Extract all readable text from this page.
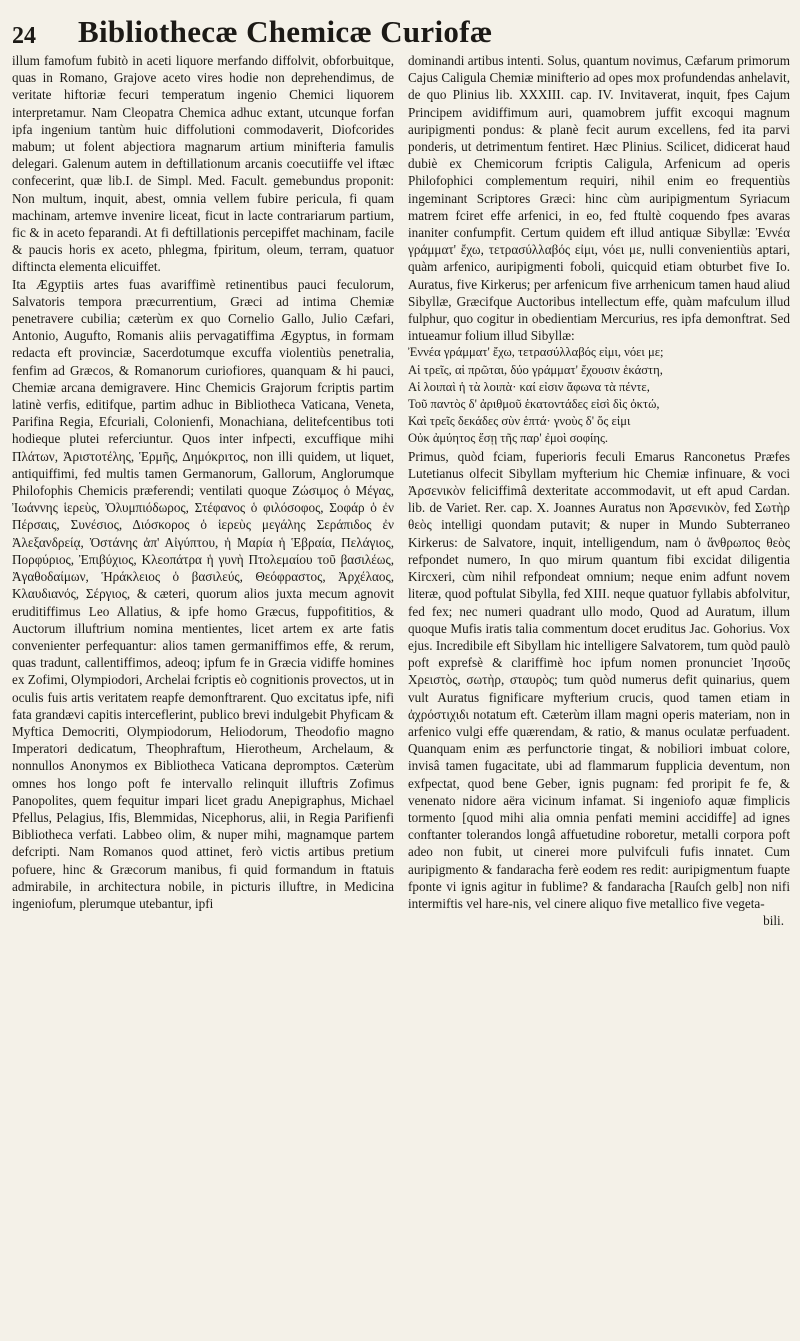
24	Bibliothecæ Chemicæ Curiofæ

illum famofum fubitò in aceti liquore merfando diffolvit, obforbuitque, quas in Romano, Grajove aceto vires hodie non deprehendimus, de veritate hiftoriæ fecuri temperatum ingenio Chemici liquorem interpretamur. Nam Cleopatra Chemica adhuc extant, utcunque forfan ipfa ingenium tantùm huic diffolutioni commodaverit, Diofcorides mabum; ut folent abjectiora magnarum artium minifteria famulis delegari. Galenum autem in deftillationum arcanis coecutiiffe vel iftæc confecerint, quæ lib.I. de Simpl. Med. Facult. gemebundus proponit: Non multum, inquit, abest, omnia vellem fubire pericula, fi quam machinam, artemve invenire liceat, ficut in lacte contrariarum partium, fic & in aceto feparandi. At fi deftillationis percepiffet machinam, facile & paucis horis ex aceto, phlegma, fpiritum, oleum, terram, quatuor diftincta elementa elicuiffet.

Ita Ægyptiis artes fuas avariffimè retinentibus pauci feculorum, Salvatoris tempora præcurrentium, Græci ad intima Chemiæ penetravere cubilia; cæterùm ex quo Cornelio Gallo, Julio Cæfari, Antonio, Augufto, Romanis aliis pervagatiffima Ægyptus, in formam redacta eft provinciæ, Sacerdotumque excuffa violentiùs penetralia, fenfim ad Græcos, & Romanorum curiofiores, quanquam & hi pauci, Chemiæ arcana demigravere. Hinc Chemicis Grajorum fcriptis partim latinè verfis, editifque, partim adhuc in Bibliotheca Vaticana, Veneta, Parifina Regia, Efcuriali, Colonienfi, Monachiana, delitefcentibus toti hodieque plutei referciuntur. Quos inter infpecti, excuffique mihi Πλάτων, Ἀριστοτέλης, Ἑρμῆς, Δημόκριτος, non illi quidem, ut liquet, antiquiffimi, fed multis tamen Germanorum, Gallorum, Anglorumque Philofophis Chemicis præferendi; ventilati quoque Ζώσιμος ὁ Μέγας, Ἰωάννης ἱερεὺς, Ὀλυμπιόδωρος, Στέφανος ὁ φιλόσοφος, Σοφάρ ὁ ἐν Πέρσαις, Συνέσιος, Διόσκορος ὁ ἱερεὺς μεγάλης Σεράπιδος ἐν Ἀλεξανδρείᾳ, Ὀστάνης ἀπ' Αἰγύπτου, ἡ Μαρία ἡ Ἑβραία, Πελάγιος, Πορφύριος, Ἐπιβύχιος, Κλεοπάτρα ἡ γυνὴ Πτολεμαίου τοῦ βασιλέως, Ἀγαθοδαίμων, Ἡράκλειος ὁ βασιλεύς, Θεόφραστος, Ἀρχέλαος, Κλαυδιανός, Σέργιος, & cæteri, quorum alios juxta mecum agnovit eruditiffimus Leo Allatius, & ipfe homo Græcus, fuppofititios, & Auctorum illuftrium nomina mentientes, licet artem ex arte fatis convenienter perfequantur: alios tamen germaniffimos effe, & rerum, quas tradunt, callentiffimos, adeoq; ipfum fe in Græcia vidiffe homines ex Zofimi, Olympiodori, Archelai fcriptis eò cognitionis provectos, ut in oculis fuis artis veritatem reapfe demonftrarent. Quo excitatus ipfe, nifi fata grandævi capitis interceflerint, publico brevi indulgebit Phyficam & Myftica Democriti, Olympiodorum, Heliodorum, Theodofio magno Imperatori dedicatum, Theophraftum, Hierotheum, Archelaum, & nonnullos Anonymos ex Bibliotheca Vaticana depromptos. Cæterùm omnes hos longo poft fe intervallo relinquit illuftris Zofimus Panopolites, quem fequitur impari licet gradu Anepigraphus, Michael Pfellus, Pelagius, Ifis, Blemmidas, Nicephorus, alii, in Regia Parifienfi Bibliotheca verfati. Labbeo olim, & nuper mihi, magnamque partem defcripti. Nam Romanos quod attinet, ferò victis artibus pretium pofuere, hinc & Græcorum manibus, fi quid formandum in ftatuis admirabile, in architectura nobile, in picturis illuftre, in Medicina ingeniofum, plerumque utebantur, ipfi

dominandi artibus intenti. Solus, quantum novimus, Cæfarum primorum Cajus Caligula Chemiæ minifterio ad opes mox profundendas anhelavit, de quo Plinius lib. XXXIII. cap. IV. Invitaverat, inquit, fpes Cajum Principem avidiffimum auri, quamobrem juffit excoqui magnum auripigmenti pondus: & planè fecit aurum excellens, fed ita parvi ponderis, ut detrimentum fentiret. Hæc Plinius. Scilicet, didicerat haud dubiè ex Chemicorum fcriptis Caligula, Arfenicum ad operis Philofophici complementum requiri, nihil enim eo frequentiùs ingeminant Scriptores Græci: hinc cùm auripigmentum Syriacum matrem fciret effe arfenici, in eo, fed ftultè coquendo fpes avaras inaniter confumpfit. Certum quidem eft illud antiquæ Sibyllæ: Ἐννέα γράμματ' ἔχω, τετρασύλλαβός εἰμι, νόει με, nulli convenientiùs aptari, quàm arfenico, auripigmenti foboli, quicquid etiam obturbet five Io. Auratus, five Kirkerus; per arfenicum five arrhenicum tamen haud aliud Sibyllæ, Græcifque Auctoribus intellectum effe, quàm mafculum illud fulphur, quo cogitur in obedientiam Mercurius, res ipfa demonftrat. Sed intueamur folium illud Sibyllæ:

Ἐννέα γράμματ' ἔχω, τετρασύλλαβός εἰμι, νόει με;
Αἱ τρεῖς, αἱ πρῶται, δύο γράμματ' ἔχουσιν ἑκάστη,
Αἱ λοιπαὶ ἡ τὰ λοιπὰ· καί εἰσιν ἄφωνα τὰ πέντε,
Τοῦ παντὸς δ' ἀριθμοῦ ἑκατοντάδες εἰσὶ δὶς ὀκτώ,
Καὶ τρεῖς δεκάδες σὺν ἑπτά· γνοὺς δ' ὅς εἰμι
Οὐκ ἀμύητος ἔσῃ τῆς παρ' ἐμοὶ σοφίης.

Primus, quòd fciam, fuperioris feculi Emarus Ranconetus Præfes Lutetianus olfecit Sibyllam myfterium hic Chemiæ infinuare, & voci Ἀρσενικὸν feliciffimâ dexteritate accommodavit, ut eft apud Cardan. lib. de Variet. Rer. cap. X. Joannes Auratus non Ἀρσενικὸν, fed Σωτὴρ θεὸς intelligi quondam putavit; & nuper in Mundo Subterraneo Kirkerus: de Salvatore, inquit, intelligendum, nam ὁ ἄνθρωπος θεὸς refpondet numero, In quo mirum quantum fibi excidat diligentia Kircxeri, cùm nihil refpondeat omnium; neque enim adfunt novem literæ, quod poftulat Sibylla, fed XIII. neque quatuor fyllabis abfolvitur, fed fex; nec numeri quadrant ullo modo, Quod ad Auratum, illum quoque Mufis iratis talia commentum docet eruditus Jac. Gohorius. Vox ejus. Incredibile eft Sibyllam hic intelligere Salvatorem, tum quòd paulò poft exprefsè & clariffimè hoc ipfum nomen pronunciet Ἰησοῦς Χρειστὸς, σωτὴρ, σταυρὸς; tum quòd numerus defit quinarius, quem vult Auratus fignificare myfterium crucis, quod tamen etiam in ἀχρόστιχιδι notatum eft. Cæterùm illam magni operis materiam, non in arfenico vulgi effe quærendam, & ratio, & manus oculatæ perfuadent. Quanquam enim æs perfunctorie tingat, & nobiliori imbuat colore, invisâ tamen fugacitate, ubi ad flammarum fupplicia deventum, non exfpectat, quod bene Geber, ignis pugnam: fed proripit fe fe, & venenato nidore aëra vicinum infamat. Si ingeniofo aquæ fimplicis tormento [quod mihi alia omnia penfati memini accidiffe] ad ignes conftanter tolerandos longâ affuetudine roboretur, metalli corpora poft adeo non fubit, ut cinerei more pulvifculi fufis innatet. Cum auripigmento & fandaracha ferè eodem res redit: auripigmentum fuapte fponte vi ignis agitur in fublime? & fandaracha [Rauſch gelb] non nifi intermiftis vel hare-nis, vel cinere aliquo five metallico five vegeta-

bili.
